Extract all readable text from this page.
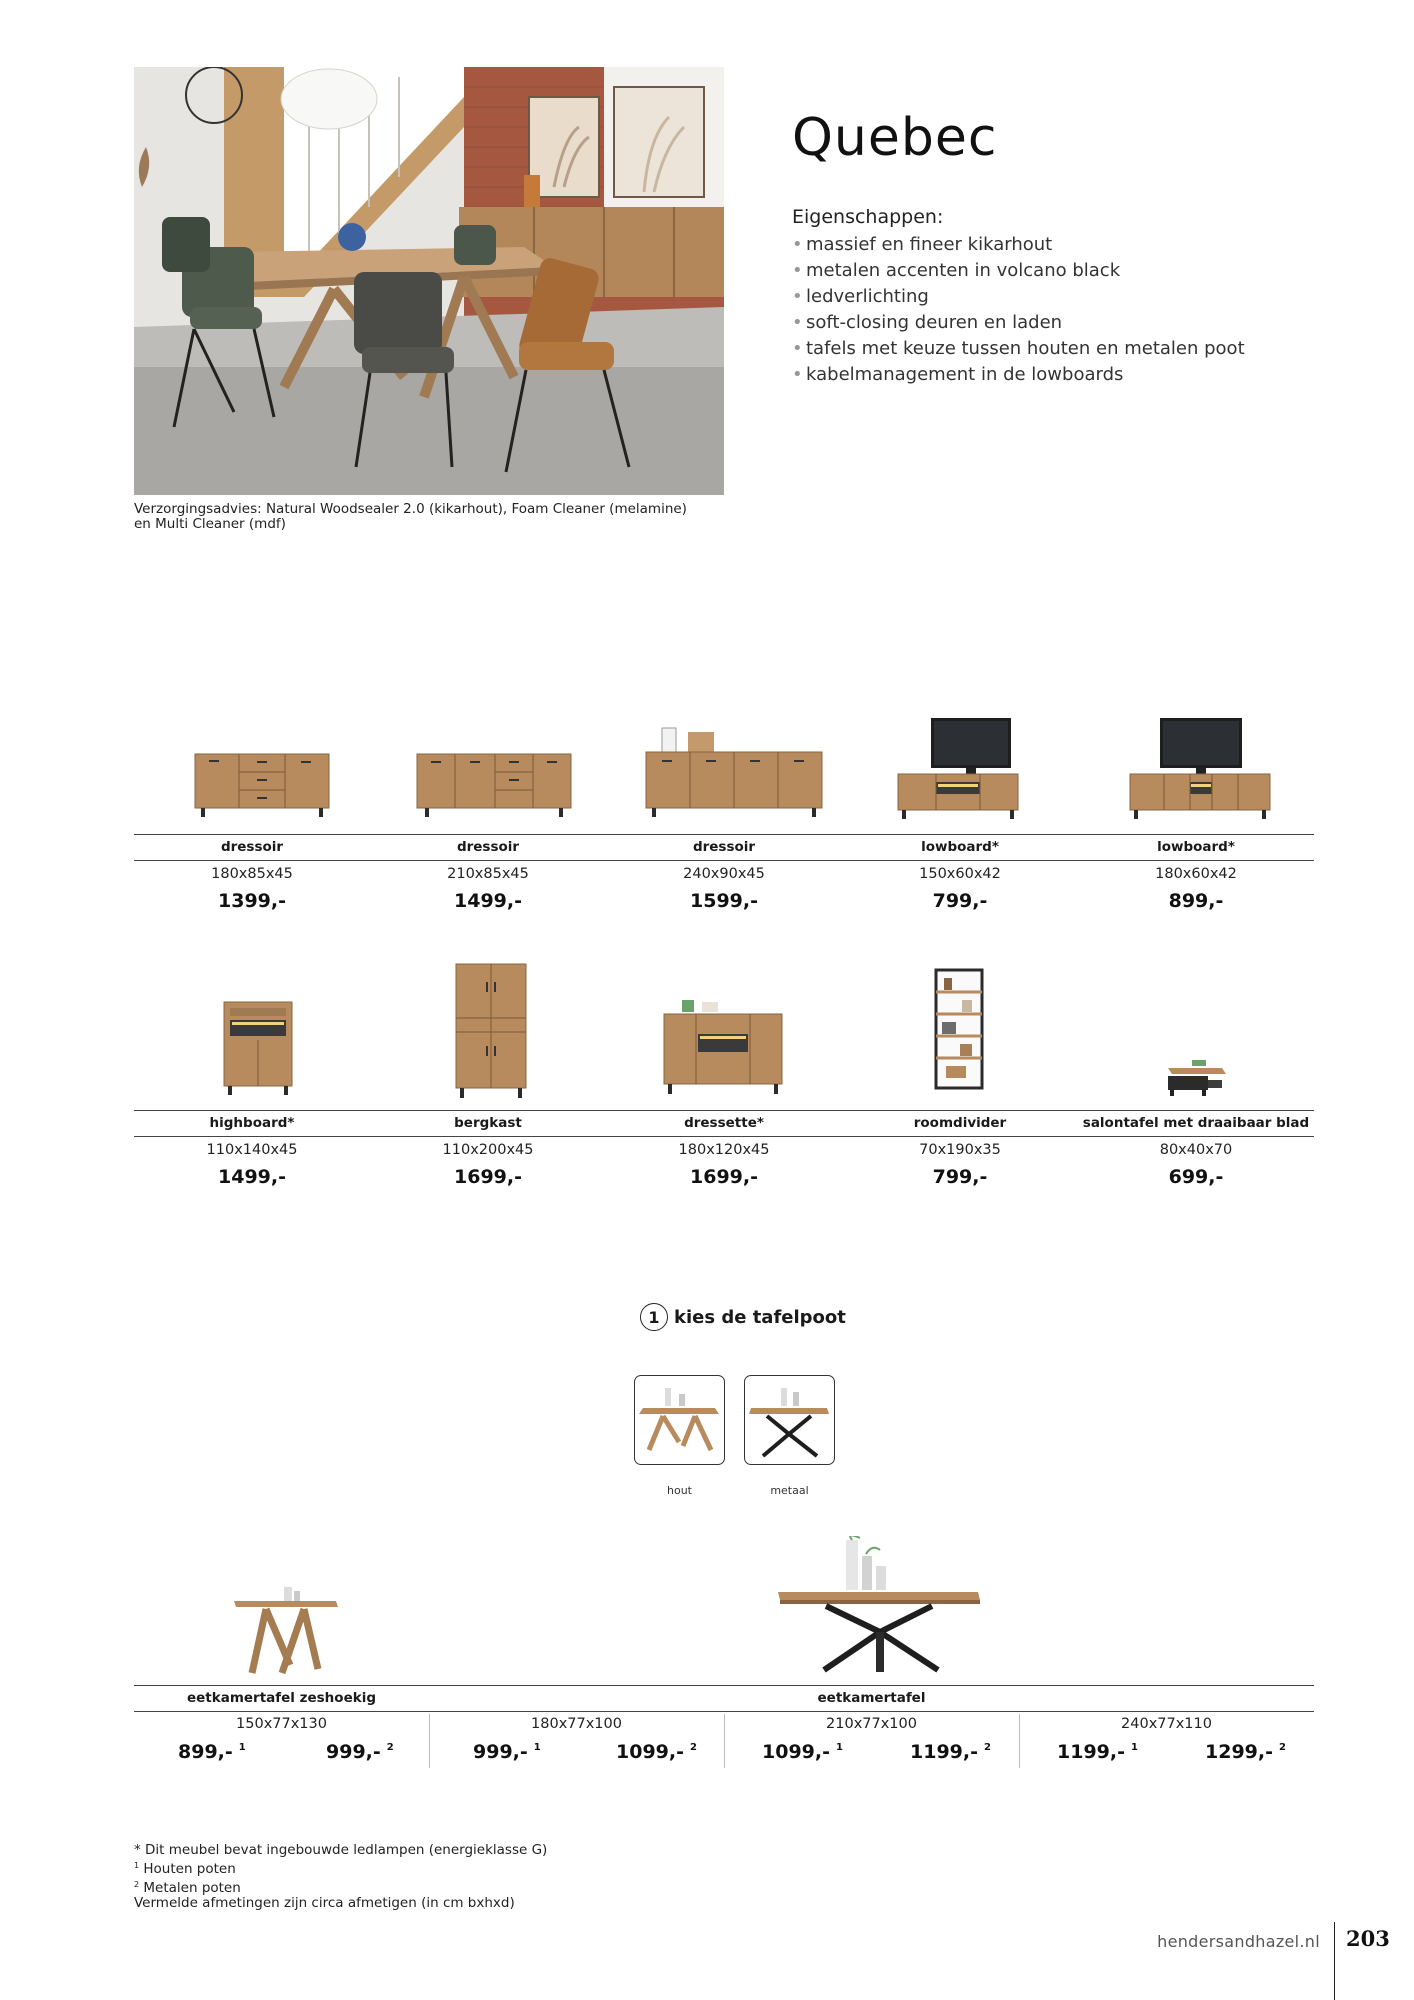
Verzorgingsadvies: Natural Woodsealer 2.0 (kikarhout), Foam Cleaner (melamine)
en Multi Cleaner (mdf)
Quebec
Eigenschappen:
• massief en fineer kikarhout
• metalen accenten in volcano black
• ledverlichting
• soft-closing deuren en laden
• tafels met keuze tussen houten en metalen poot
• kabelmanagement in de lowboards
dressoir	dressoir	dressoir	lowboard*	lowboard*
180x85x45	210x85x45	240x90x45	150x60x42	180x60x42
1399,-	1499,-	1599,-	799,-	899,-
highboard*	bergkast	dressette*	roomdivider	salontafel met draaibaar blad
110x140x45	110x200x45	180x120x45	70x190x35	80x40x70
1499,-	1699,-	1699,-	799,-	699,-
1 kies de tafelpoot
hout	metaal
eetkamertafel zeshoekig	eetkamertafel
150x77x130	180x77x100	210x77x100	240x77x110
899,- $^1$	999,- $^2$	999,- $^1$	1099,- $^2$	1099,- $^1$	1199,- $^2$	1199,- $^1$	1299,- $^2$
* Dit meubel bevat ingebouwde ledlampen (energieklasse G)
$^1$ Houten poten
$^2$ Metalen poten
Vermelde afmetingen zijn circa afmetigen (in cm bxhxd)
hendersandhazel.nl 203
